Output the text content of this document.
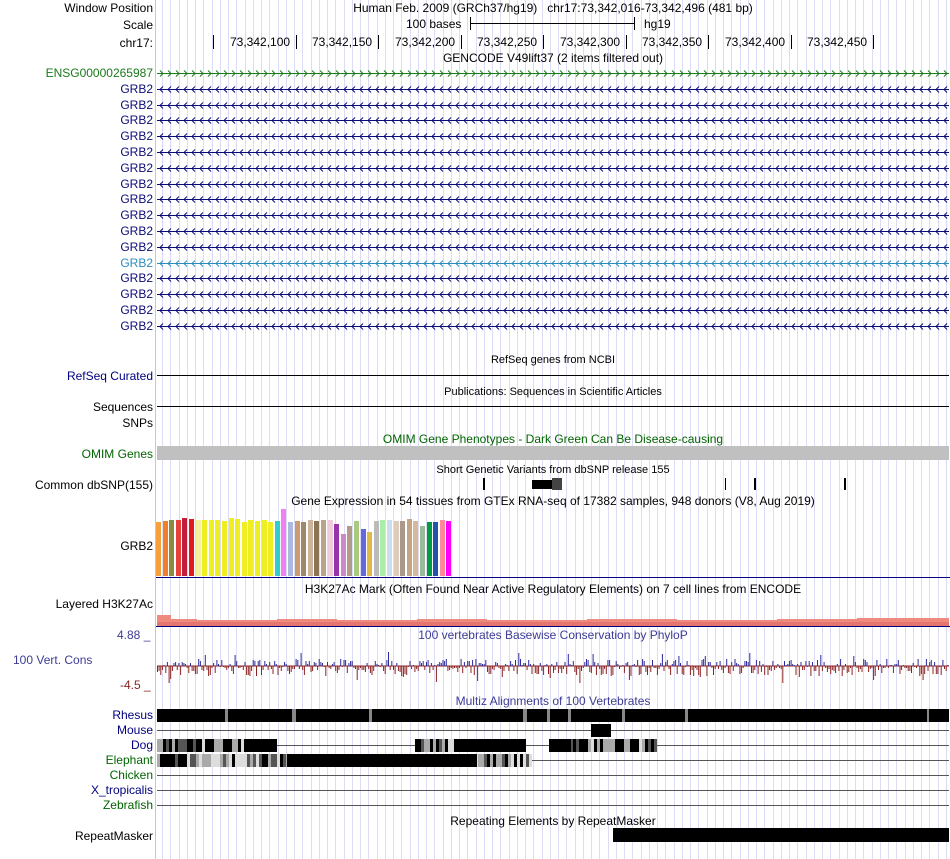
Window Position	Human Feb. 2009 (GRCh37/hg19)   chr17:73,342,016-73,342,496 (481 bp)
Scale	100 bases	hg19
chr17:	73,342,100 73,342,150 73,342,200 73,342,250 73,342,300 73,342,350 73,342,400 73,342,450
GENCODE V49lift37 (2 items filtered out)
ENSG00000265987
GRB2
GRB2
GRB2
GRB2
GRB2
GRB2
GRB2
GRB2
GRB2
GRB2
GRB2
GRB2
GRB2
GRB2
GRB2
GRB2
RefSeq genes from NCBI
RefSeq Curated
Publications: Sequences in Scientific Articles
Sequences
SNPs
OMIM Gene Phenotypes - Dark Green Can Be Disease-causing
OMIM Genes
Short Genetic Variants from dbSNP release 155
Common dbSNP(155)
Gene Expression in 54 tissues from GTEx RNA-seq of 17382 samples, 948 donors (V8, Aug 2019)
GRB2
H3K27Ac Mark (Often Found Near Active Regulatory Elements) on 7 cell lines from ENCODE
Layered H3K27Ac
100 vertebrates Basewise Conservation by PhyloP
4.88 _
100 Vert. Cons
-4.5 _
Multiz Alignments of 100 Vertebrates
Rhesus
Mouse
Dog
Elephant
Chicken
X_tropicalis
Zebrafish
Repeating Elements by RepeatMasker
RepeatMasker
